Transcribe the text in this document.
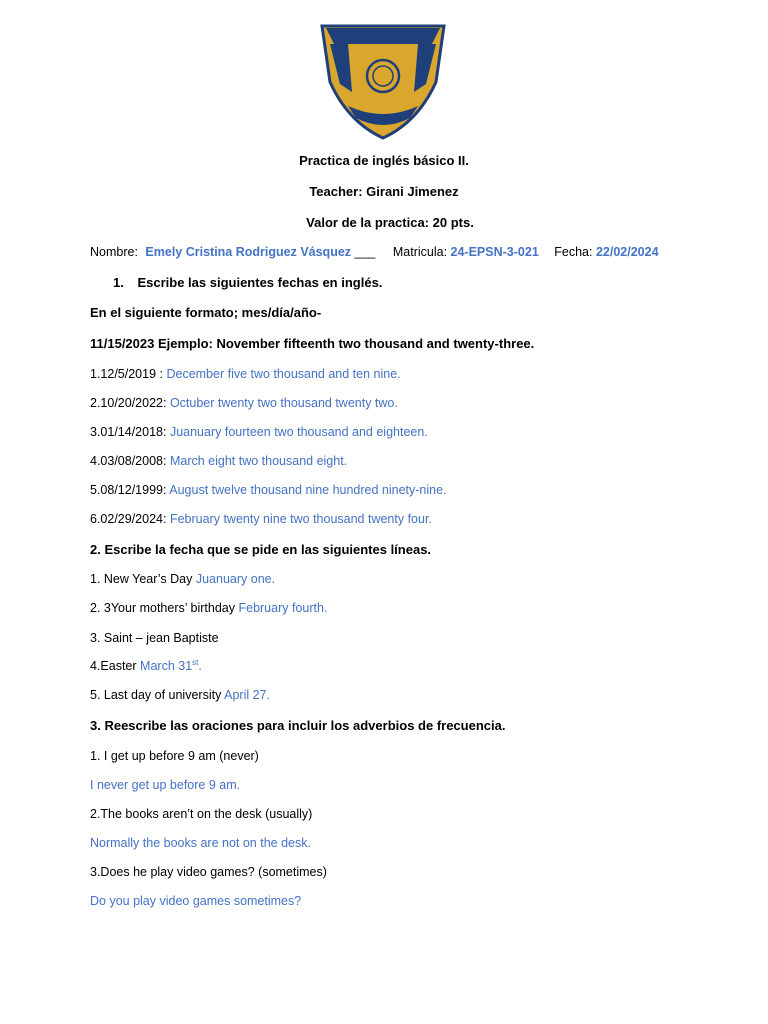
Practica de inglés básico II.
Teacher: Girani Jimenez
Valor de la practica: 20 pts.
Nombre: Emely Cristina Rodriguez Vásquez ___ Matricula: 24-EPSN-3-021 Fecha: 22/02/2024
1. Escribe las siguientes fechas en inglés.
En el siguiente formato; mes/día/año-
11/15/2023 Ejemplo: November fifteenth two thousand and twenty-three.
1.12/5/2019 : December five two thousand and ten nine.
2.10/20/2022: Octuber twenty two thousand twenty two.
3.01/14/2018: Juanuary fourteen two thousand and eighteen.
4.03/08/2008: March eight two thousand eight.
5.08/12/1999: August twelve thousand nine hundred ninety-nine.
6.02/29/2024: February twenty nine two thousand twenty four.
2. Escribe la fecha que se pide en las siguientes líneas.
1. New Year’s Day Juanuary one.
2. 3Your mothers’ birthday February fourth.
3. Saint – jean Baptiste
4.Easter March 31st.
5. Last day of university April 27.
3. Reescribe las oraciones para incluir los adverbios de frecuencia.
1. I get up before 9 am (never)
I never get up before 9 am.
2.The books aren’t on the desk (usually)
Normally the books are not on the desk.
3.Does he play video games? (sometimes)
Do you play video games sometimes?
